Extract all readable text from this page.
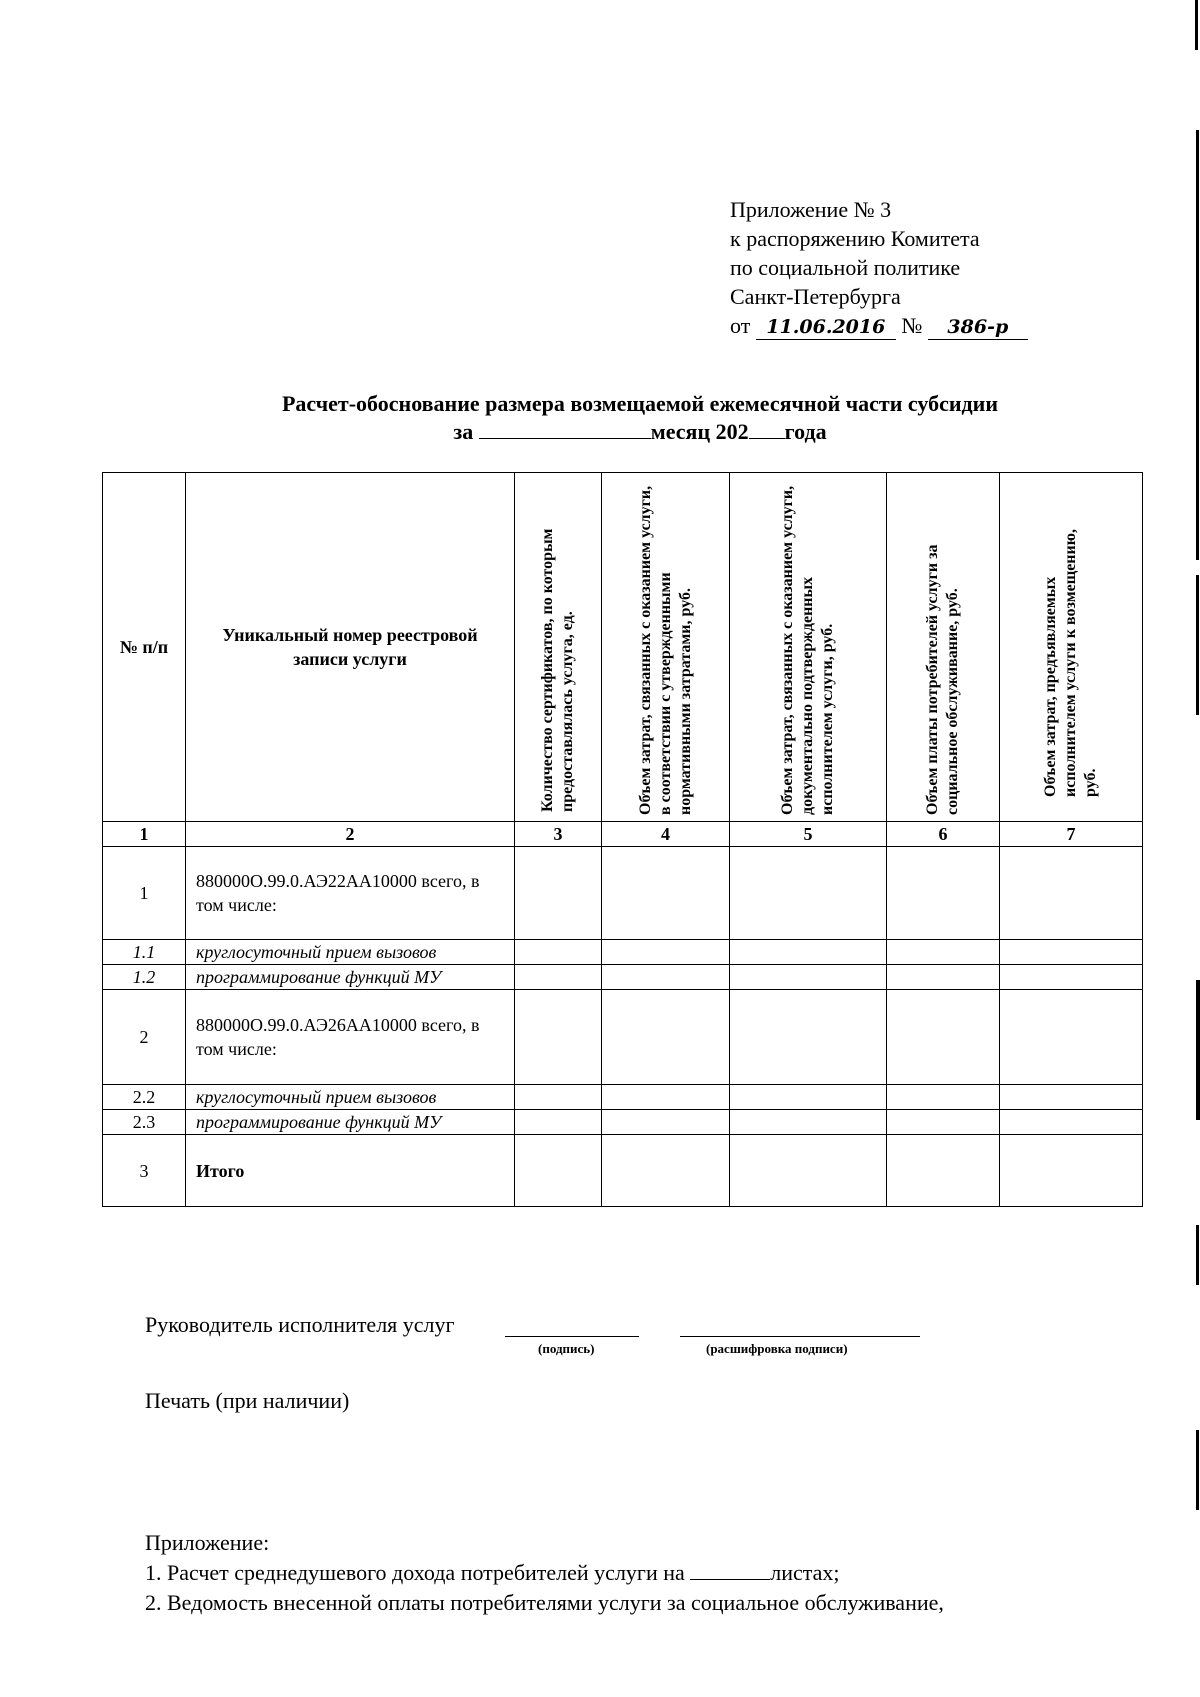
Приложение № 3
к распоряжению Комитета
по социальной политике
Санкт-Петербурга
от 11.06.2016 № 386-р
Расчет-обоснование размера возмещаемой ежемесячной части субсидии
за	месяц 202 года
№ п/п	Уникальный номер реестровой записи услуги	Количество сертификатов, по которым предоставлялась услуга, ед.	Объем затрат, связанных с оказанием услуги, в соответствии с утвержденными нормативными затратами, руб.	Объем затрат, связанных с оказанием услуги, документально подтвержденных исполнителем услуги, руб.	Объем платы потребителей услуги за социальное обслуживание, руб.	Объем затрат, предъявляемых исполнителем услуги к возмещению, руб.

1	2	3	4	5	6	7
1	880000О.99.0.АЭ22АА10000 всего, в том числе:					
1.1	круглосуточный прием вызовов					
1.2	программирование функций МУ					
2	880000О.99.0.АЭ26АА10000 всего, в том числе:					
2.2	круглосуточный прием вызовов					
2.3	программирование функций МУ					
3	Итого					
Руководитель исполнителя услуг
(подпись)	(расшифровка подписи)
Печать (при наличии)
Приложение:
1. Расчет среднедушевого дохода потребителей услуги на	листах;
2. Ведомость внесенной оплаты потребителями услуги за социальное обслуживание,
